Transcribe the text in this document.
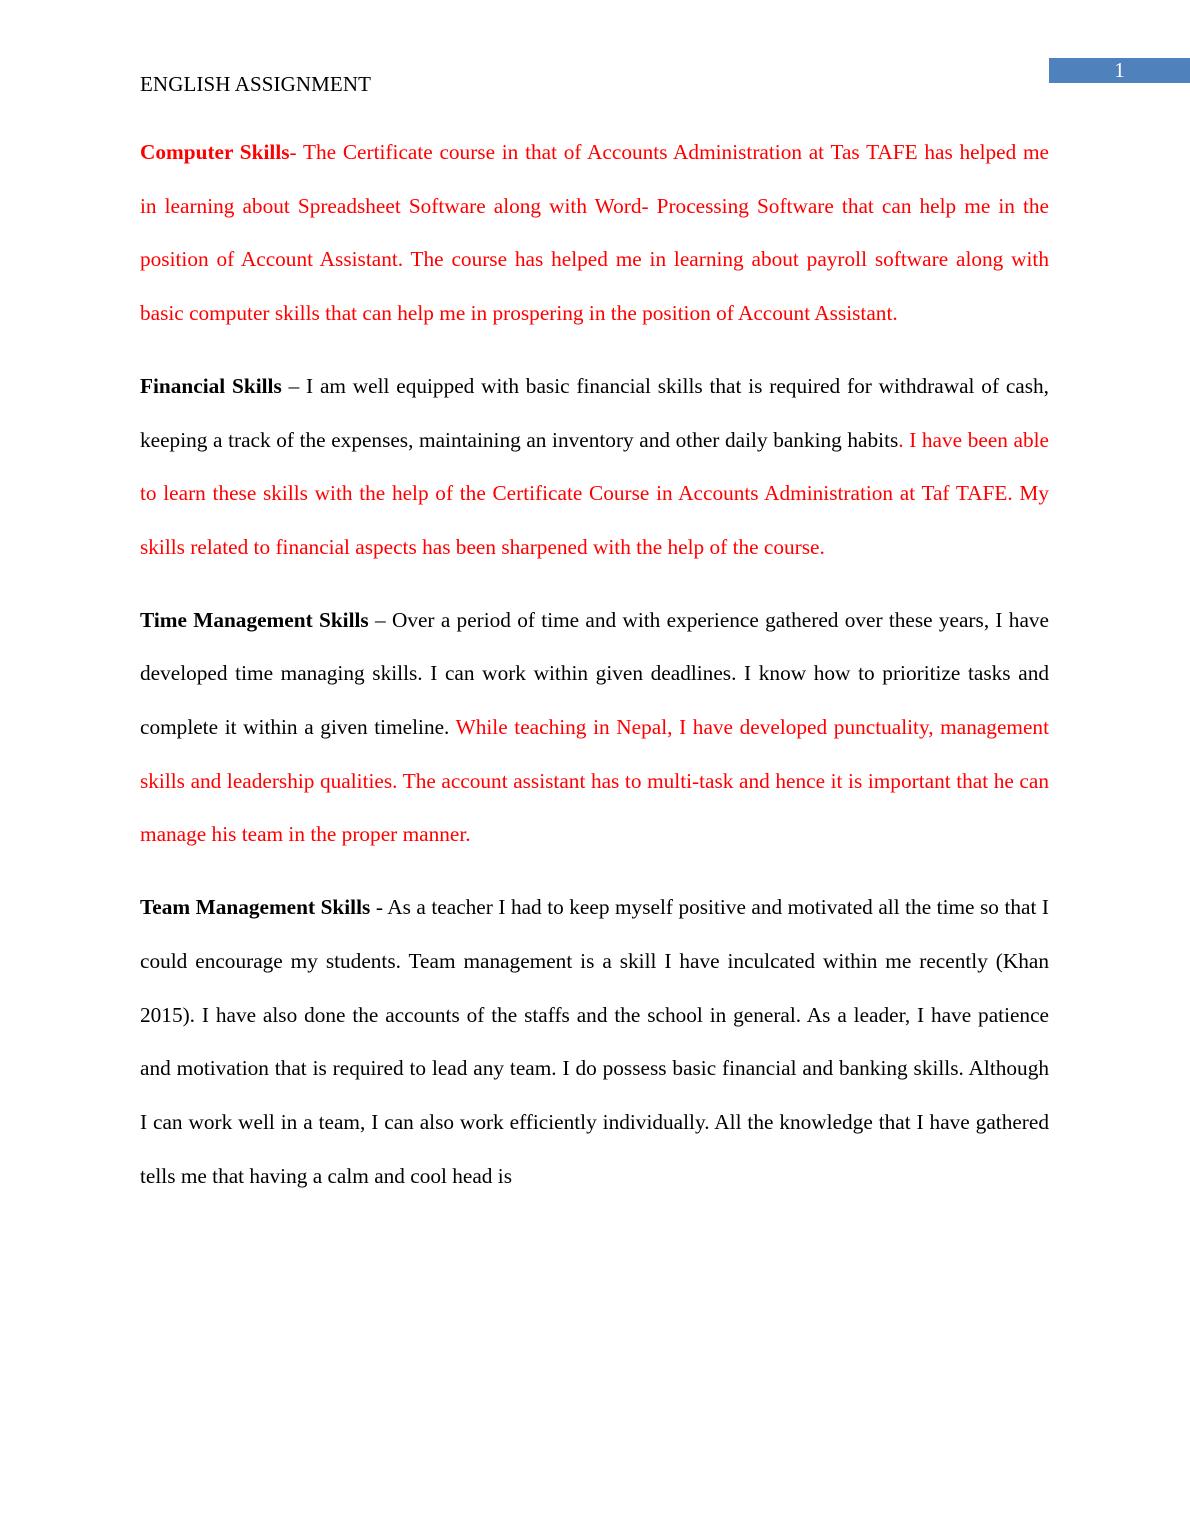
1
ENGLISH ASSIGNMENT

Computer Skills- The Certificate course in that of Accounts Administration at Tas TAFE has helped me in learning about Spreadsheet Software along with Word- Processing Software that can help me in the position of Account Assistant. The course has helped me in learning about payroll software along with basic computer skills that can help me in prospering in the position of Account Assistant.

Financial Skills – I am well equipped with basic financial skills that is required for withdrawal of cash, keeping a track of the expenses, maintaining an inventory and other daily banking habits. I have been able to learn these skills with the help of the Certificate Course in Accounts Administration at Taf TAFE. My skills related to financial aspects has been sharpened with the help of the course.

Time Management Skills – Over a period of time and with experience gathered over these years, I have developed time managing skills. I can work within given deadlines. I know how to prioritize tasks and complete it within a given timeline. While teaching in Nepal, I have developed punctuality, management skills and leadership qualities. The account assistant has to multi-task and hence it is important that he can manage his team in the proper manner.

Team Management Skills - As a teacher I had to keep myself positive and motivated all the time so that I could encourage my students. Team management is a skill I have inculcated within me recently (Khan 2015). I have also done the accounts of the staffs and the school in general. As a leader, I have patience and motivation that is required to lead any team. I do possess basic financial and banking skills. Although I can work well in a team, I can also work efficiently individually. All the knowledge that I have gathered tells me that having a calm and cool head is
